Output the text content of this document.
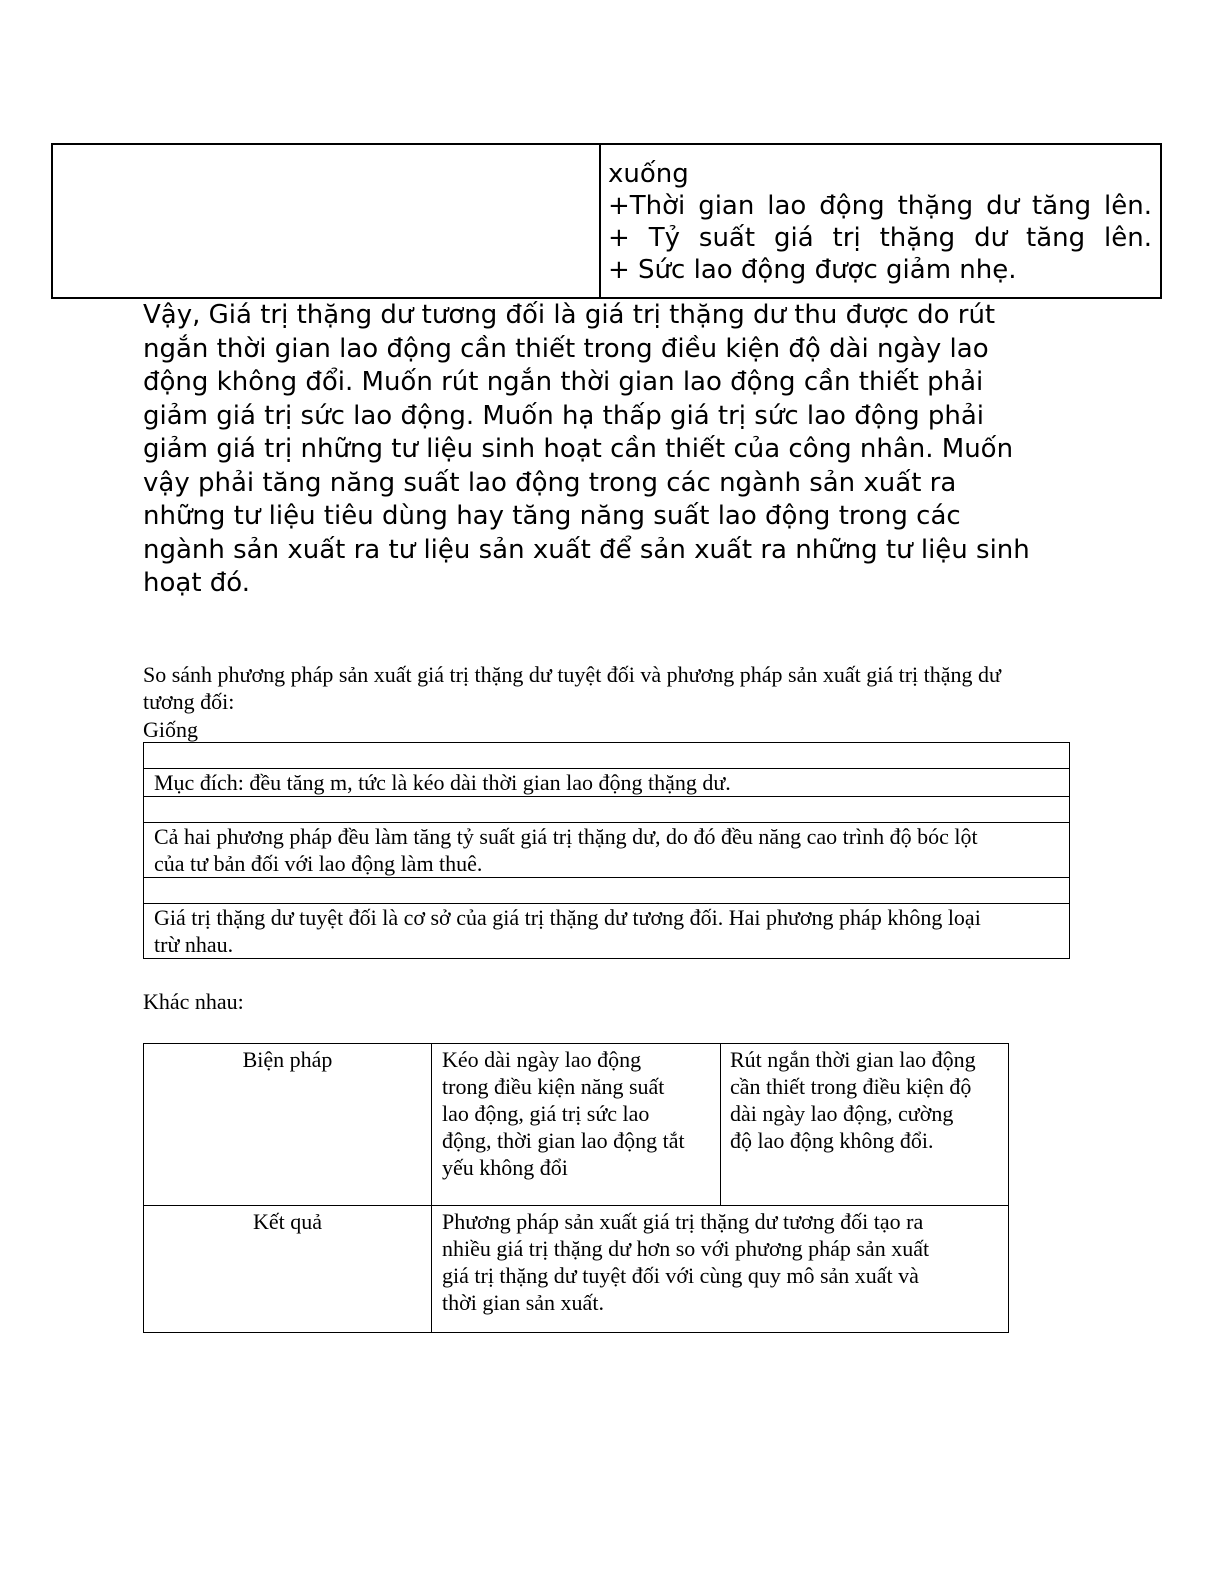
xuống
+Thời gian lao động thặng dư tăng lên.
+ Tỷ suất giá trị thặng dư tăng lên.
+ Sức lao động được giảm nhẹ.
Vậy, Giá trị thặng dư tương đối là giá trị thặng dư thu được do rút
ngắn thời gian lao động cần thiết trong điều kiện độ dài ngày lao
động không đổi. Muốn rút ngắn thời gian lao động cần thiết phải
giảm giá trị sức lao động. Muốn hạ thấp giá trị sức lao động phải
giảm giá trị những tư liệu sinh hoạt cần thiết của công nhân. Muốn
vậy phải tăng năng suất lao động trong các ngành sản xuất ra
những tư liệu tiêu dùng hay tăng năng suất lao động trong các
ngành sản xuất ra tư liệu sản xuất để sản xuất ra những tư liệu sinh
hoạt đó.
So sánh phương pháp sản xuất giá trị thặng dư tuyệt đối và phương pháp sản xuất giá trị thặng dư
tương đối:
Giống
Mục đích: đều tăng m, tức là kéo dài thời gian lao động thặng dư.
Cả hai phương pháp đều làm tăng tỷ suất giá trị thặng dư, do đó đều năng cao trình độ bóc lột
của tư bản đối với lao động làm thuê.
Giá trị thặng dư tuyệt đối là cơ sở của giá trị thặng dư tương đối. Hai phương pháp không loại
trừ nhau.
Khác nhau:
Biện pháp	Kéo dài ngày lao động
trong điều kiện năng suất
lao động, giá trị sức lao
động, thời gian lao động tắt
yếu không đổi
Rút ngắn thời gian lao động
cần thiết trong điều kiện độ
dài ngày lao động, cường
độ lao động không đổi.
Kết quả	Phương pháp sản xuất giá trị thặng dư tương đối tạo ra
nhiều giá trị thặng dư hơn so với phương pháp sản xuất
giá trị thặng dư tuyệt đối với cùng quy mô sản xuất và
thời gian sản xuất.
